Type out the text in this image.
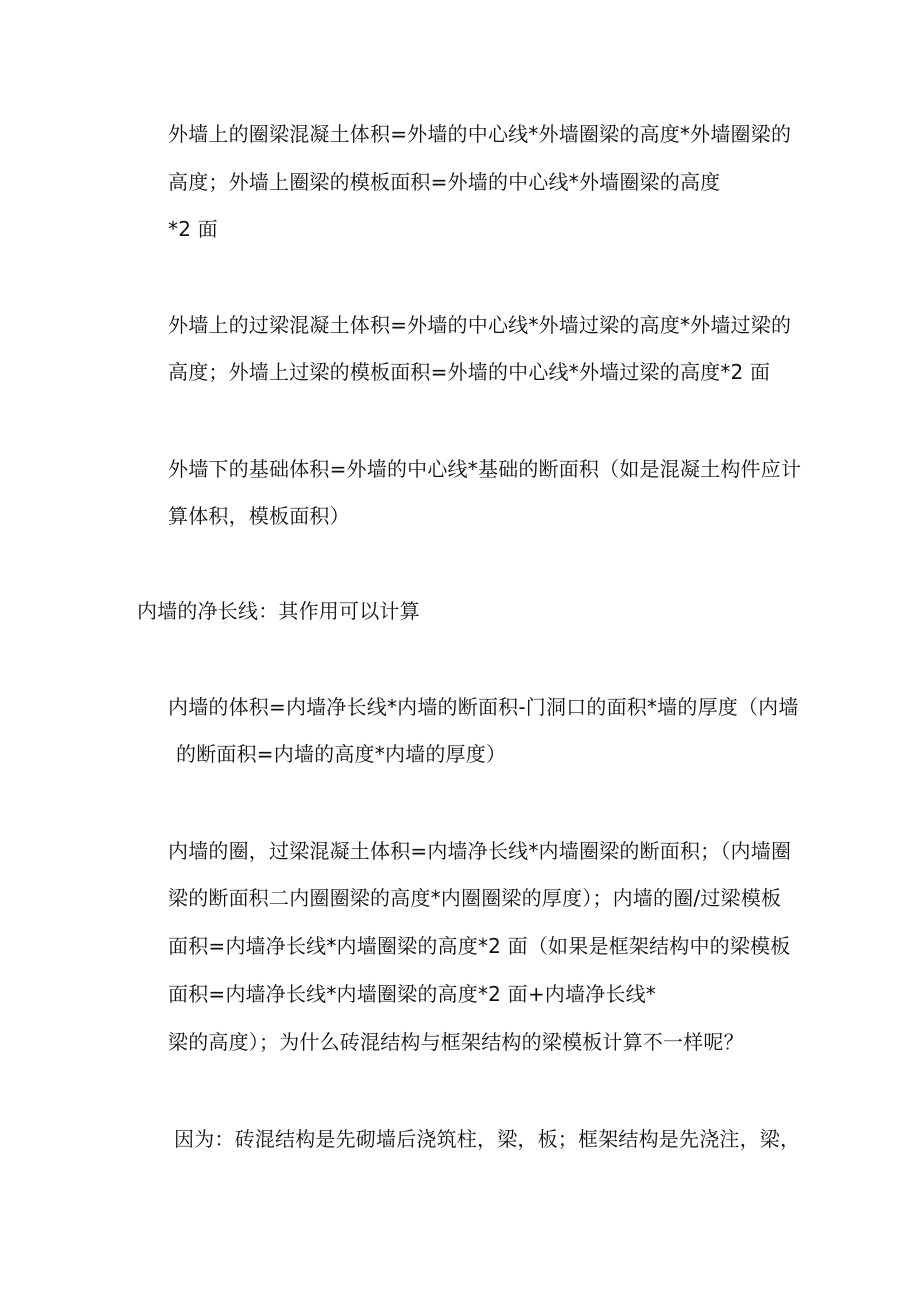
外墙上的圈梁混凝土体积=外墙的中心线*外墙圈梁的高度*外墙圈梁的
高度；外墙上圈梁的模板面积=外墙的中心线*外墙圈梁的高度
*2 面
外墙上的过梁混凝土体积=外墙的中心线*外墙过梁的高度*外墙过梁的
高度；外墙上过梁的模板面积=外墙的中心线*外墙过梁的高度*2 面
外墙下的基础体积=外墙的中心线*基础的断面积（如是混凝土构件应计
算体积，模板面积）
内墙的净长线：其作用可以计算
内墙的体积=内墙净长线*内墙的断面积-门洞口的面积*墙的厚度（内墙
的断面积=内墙的高度*内墙的厚度）
内墙的圈，过梁混凝土体积=内墙净长线*内墙圈梁的断面积；（内墙圈
梁的断面积二内圈圈梁的高度*内圈圈梁的厚度）；内墙的圈/过梁模板
面积=内墙净长线*内墙圈梁的高度*2 面（如果是框架结构中的梁模板
面积=内墙净长线*内墙圈梁的高度*2 面+内墙净长线*
梁的高度）；为什么砖混结构与框架结构的梁模板计算不一样呢？
因为：砖混结构是先砌墙后浇筑柱，梁，板；框架结构是先浇注，梁，
